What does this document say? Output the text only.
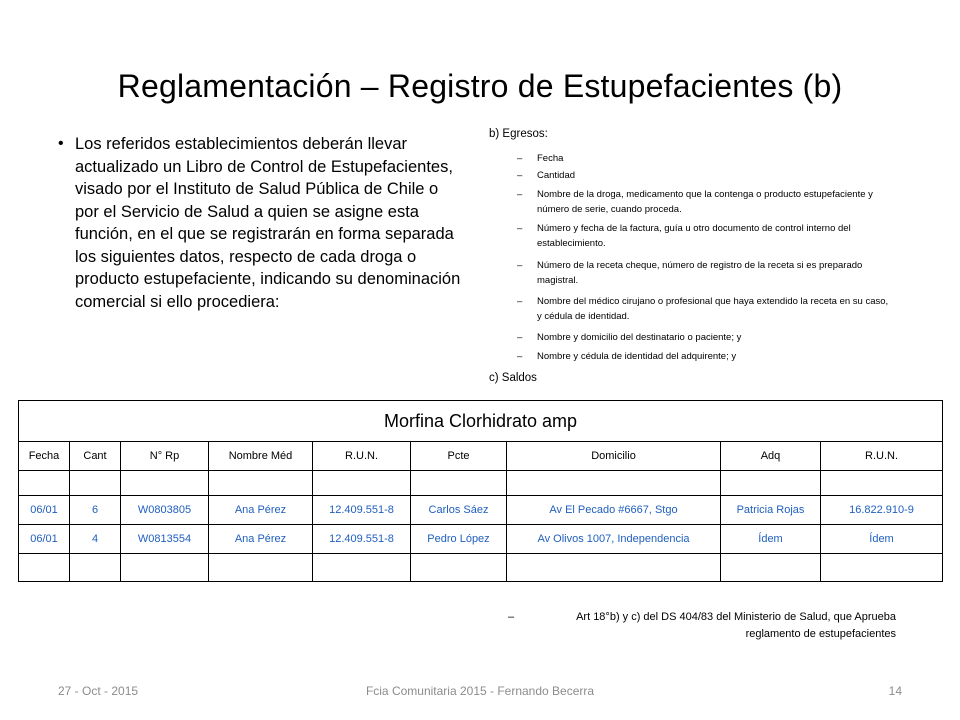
Reglamentación – Registro de Estupefacientes (b)
• Los referidos establecimientos deberán llevar actualizado un Libro de Control de Estupefacientes, visado por el Instituto de Salud Pública de Chile o por el Servicio de Salud a quien se asigne esta función, en el que se registrarán en forma separada los siguientes datos, respecto de cada droga o producto estupefaciente, indicando su denominación comercial si ello procediera:
b) Egresos:
– Fecha
– Cantidad
– Nombre de la droga, medicamento que la contenga o producto estupefaciente y número de serie, cuando proceda.
– Número y fecha de la factura, guía u otro documento de control interno del establecimiento.
– Número de la receta cheque, número de registro de la receta si es preparado magistral.
– Nombre del médico cirujano o profesional que haya extendido la receta en su caso, y cédula de identidad.
– Nombre y domicilio del destinatario o paciente; y
– Nombre y cédula de identidad del adquirente; y
c) Saldos
Morfina Clorhidrato amp								
Fecha	Cant	N° Rp	Nombre Méd	R.U.N.	Pcte	Domicilio	Adq	R.U.N.

06/01	6	W0803805	Ana Pérez	12.409.551-8	Carlos Sáez	Av El Pecado #6667, Stgo	Patricia Rojas	16.822.910-9
06/01	4	W0813554	Ana Pérez	12.409.551-8	Pedro López	Av Olivos 1007, Independencia	Ídem	Ídem

–	Art 18°b) y c) del DS 404/83 del Ministerio de Salud, que Aprueba reglamento de estupefacientes
27 - Oct - 2015	Fcia Comunitaria 2015 - Fernando Becerra	14
